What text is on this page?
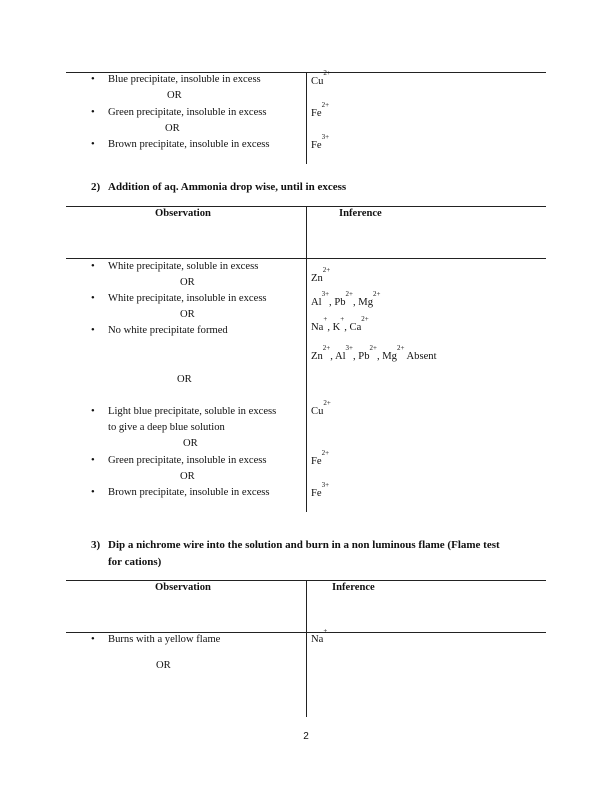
• Blue precipitate, insoluble in excess
OR
• Green precipitate, insoluble in excess
OR
• Brown precipitate, insoluble in excess
$Cu^{2+}$
$Fe^{2+}$
$Fe^{3+}$
2) Addition of aq. Ammonia drop wise, until in excess
Observation	Inference
• White precipitate, soluble in excess
OR
• White precipitate, insoluble in excess
OR
• No white precipitate formed
OR
• Light blue precipitate, soluble in excess
to give a deep blue solution
OR
• Green precipitate, insoluble in excess
OR
• Brown precipitate, insoluble in excess
$Zn^{2+}$
$Al^{3+}$, $Pb^{2+}$, $Mg^{2+}$
Na+, K+, $Ca^{2+}$
$Zn^{2+}$, $Al^{3+}$, $Pb^{2+}$, $Mg^{2+}$ Absent
$Cu^{2+}$
$Fe^{2+}$
$Fe^{3+}$
3) Dip a nichrome wire into the solution and burn in a non luminous flame (Flame test
for cations)
Observation	Inference
• Burns with a yellow flame
OR
Na+
2
